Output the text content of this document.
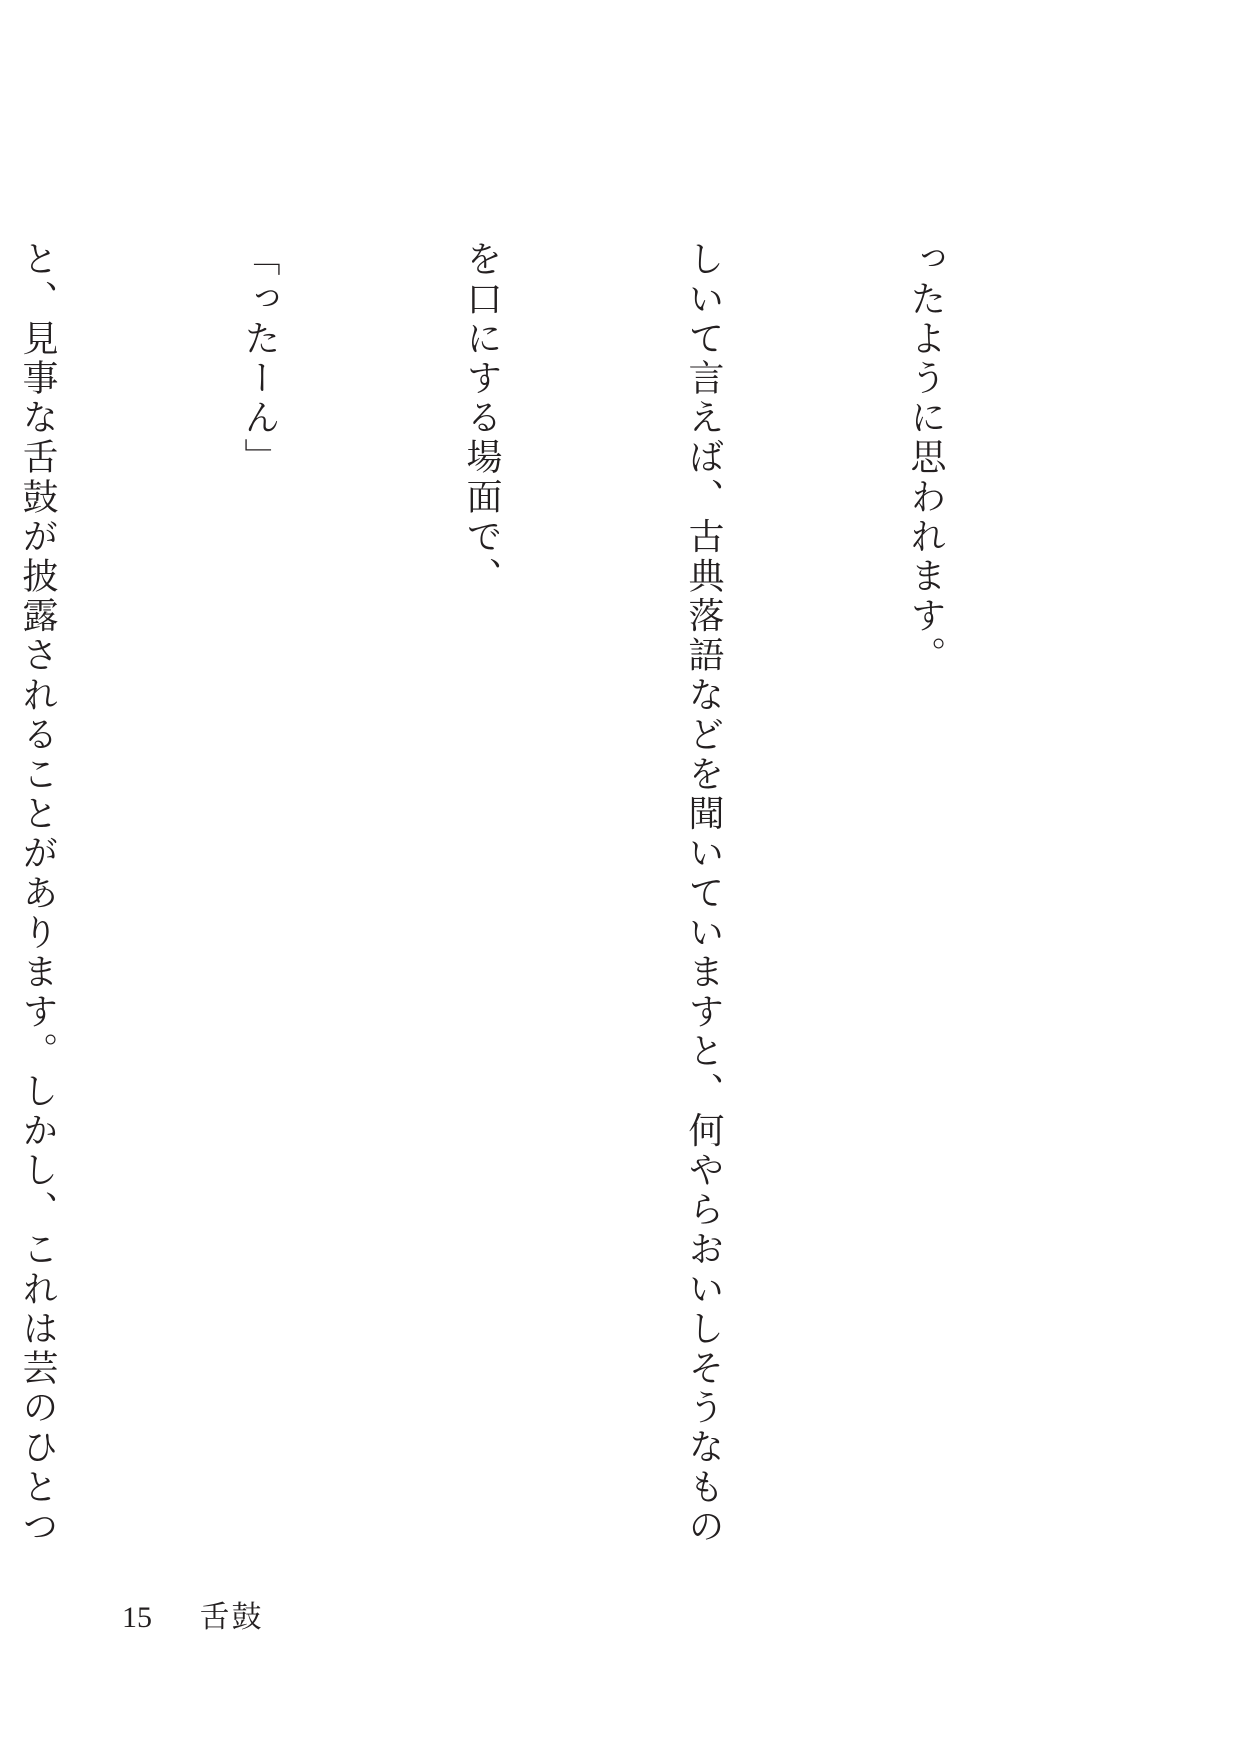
ったように思われます。

しいて言えば、古典落語などを聞いていますと、何やらおいしそうなもの

を口にする場面で、

「ったーん」

と、見事な舌鼓が披露されることがあります。しかし、これは芸のひとつ

15 舌鼓
